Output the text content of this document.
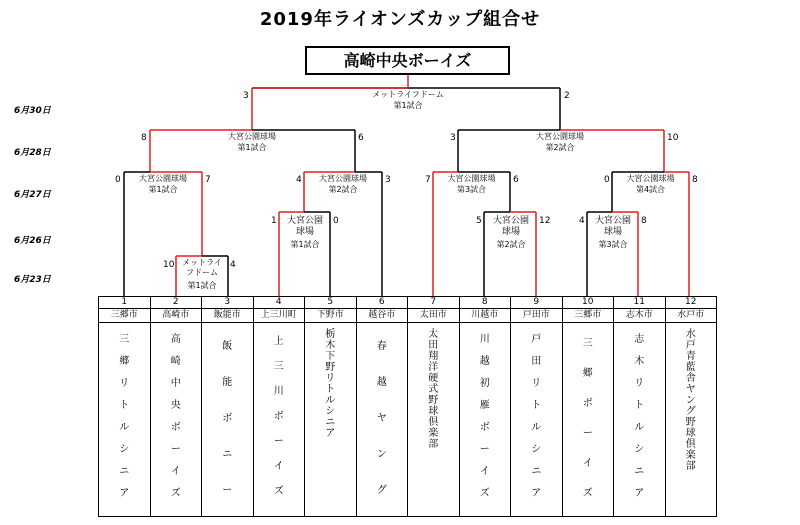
2019年ライオンズカップ組合せ
高崎中央ボーイズ
6月30日
6月28日
6月27日
6月26日
6月23日
メットライフドーム
第1試合
3	2
大宮公園球場
第1試合
8	6	大宮公園球場
第2試合
3	10
大宮公園球場
第1試合
0	7	大宮公園球場
第2試合
4	3	大宮公園球場
第3試合
7	6	大宮公園球場
第4試合
0	8
大宮公園球場
第1試合
1	0	大宮公園球場
第2試合
5	12	大宮公園球場
第3試合
4	8
メットライフドーム
第1試合
10	4
1	2	3	4	5	6	7	8	9	10	11	12
三郷市	高崎市	飯能市	上三川町	下野市	越谷市	太田市	川越市	戸田市	三郷市	志木市	水戸市

三郷リトルシニア	高崎中央ボーイズ	飯能ボニー	上三川ボーイズ	栃木下野リトルシニア	春越ヤング	太田翔洋硬式野球倶楽部	川越初雁ボーイズ	戸田リトルシニア	三郷ボーイズ	志木リトルシニア	水戸青藍舎ヤング野球倶楽部
